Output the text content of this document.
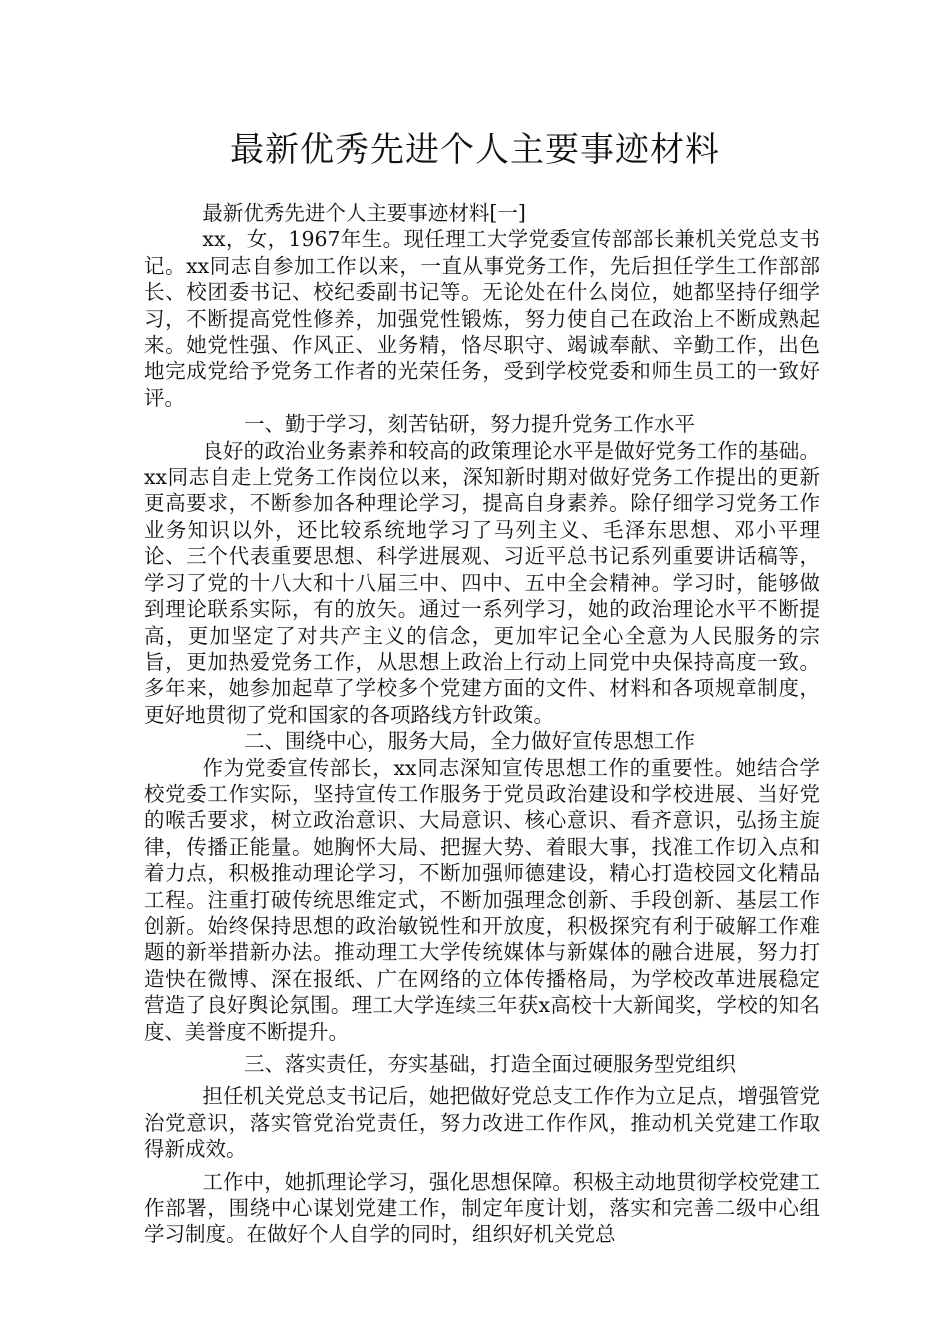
最新优秀先进个人主要事迹材料

最新优秀先进个人主要事迹材料[一]

xx，女，1967年生。现任理工大学党委宣传部部长兼机关党总支书记。xx同志自参加工作以来，一直从事党务工作，先后担任学生工作部部长、校团委书记、校纪委副书记等。无论处在什么岗位，她都坚持仔细学习，不断提高党性修养，加强党性锻炼，努力使自己在政治上不断成熟起来。她党性强、作风正、业务精，恪尽职守、竭诚奉献、辛勤工作，出色地完成党给予党务工作者的光荣任务，受到学校党委和师生员工的一致好评。

一、勤于学习，刻苦钻研，努力提升党务工作水平

良好的政治业务素养和较高的政策理论水平是做好党务工作的基础。xx同志自走上党务工作岗位以来，深知新时期对做好党务工作提出的更新更高要求，不断参加各种理论学习，提高自身素养。除仔细学习党务工作业务知识以外，还比较系统地学习了马列主义、毛泽东思想、邓小平理论、三个代表重要思想、科学进展观、习近平总书记系列重要讲话稿等，学习了党的十八大和十八届三中、四中、五中全会精神。学习时，能够做到理论联系实际，有的放矢。通过一系列学习，她的政治理论水平不断提高，更加坚定了对共产主义的信念，更加牢记全心全意为人民服务的宗旨，更加热爱党务工作，从思想上政治上行动上同党中央保持高度一致。多年来，她参加起草了学校多个党建方面的文件、材料和各项规章制度，更好地贯彻了党和国家的各项路线方针政策。

二、围绕中心，服务大局，全力做好宣传思想工作

作为党委宣传部长，xx同志深知宣传思想工作的重要性。她结合学校党委工作实际，坚持宣传工作服务于党员政治建设和学校进展、当好党的喉舌要求，树立政治意识、大局意识、核心意识、看齐意识，弘扬主旋律，传播正能量。她胸怀大局、把握大势、着眼大事，找准工作切入点和着力点，积极推动理论学习，不断加强师德建设，精心打造校园文化精品工程。注重打破传统思维定式，不断加强理念创新、手段创新、基层工作创新。始终保持思想的政治敏锐性和开放度，积极探究有利于破解工作难题的新举措新办法。推动理工大学传统媒体与新媒体的融合进展，努力打造快在微博、深在报纸、广在网络的立体传播格局，为学校改革进展稳定营造了良好舆论氛围。理工大学连续三年获x高校十大新闻奖，学校的知名度、美誉度不断提升。

三、落实责任，夯实基础，打造全面过硬服务型党组织

担任机关党总支书记后，她把做好党总支工作作为立足点，增强管党治党意识，落实管党治党责任，努力改进工作作风，推动机关党建工作取得新成效。

工作中，她抓理论学习，强化思想保障。积极主动地贯彻学校党建工作部署，围绕中心谋划党建工作，制定年度计划，落实和完善二级中心组学习制度。在做好个人自学的同时，组织好机关党总
